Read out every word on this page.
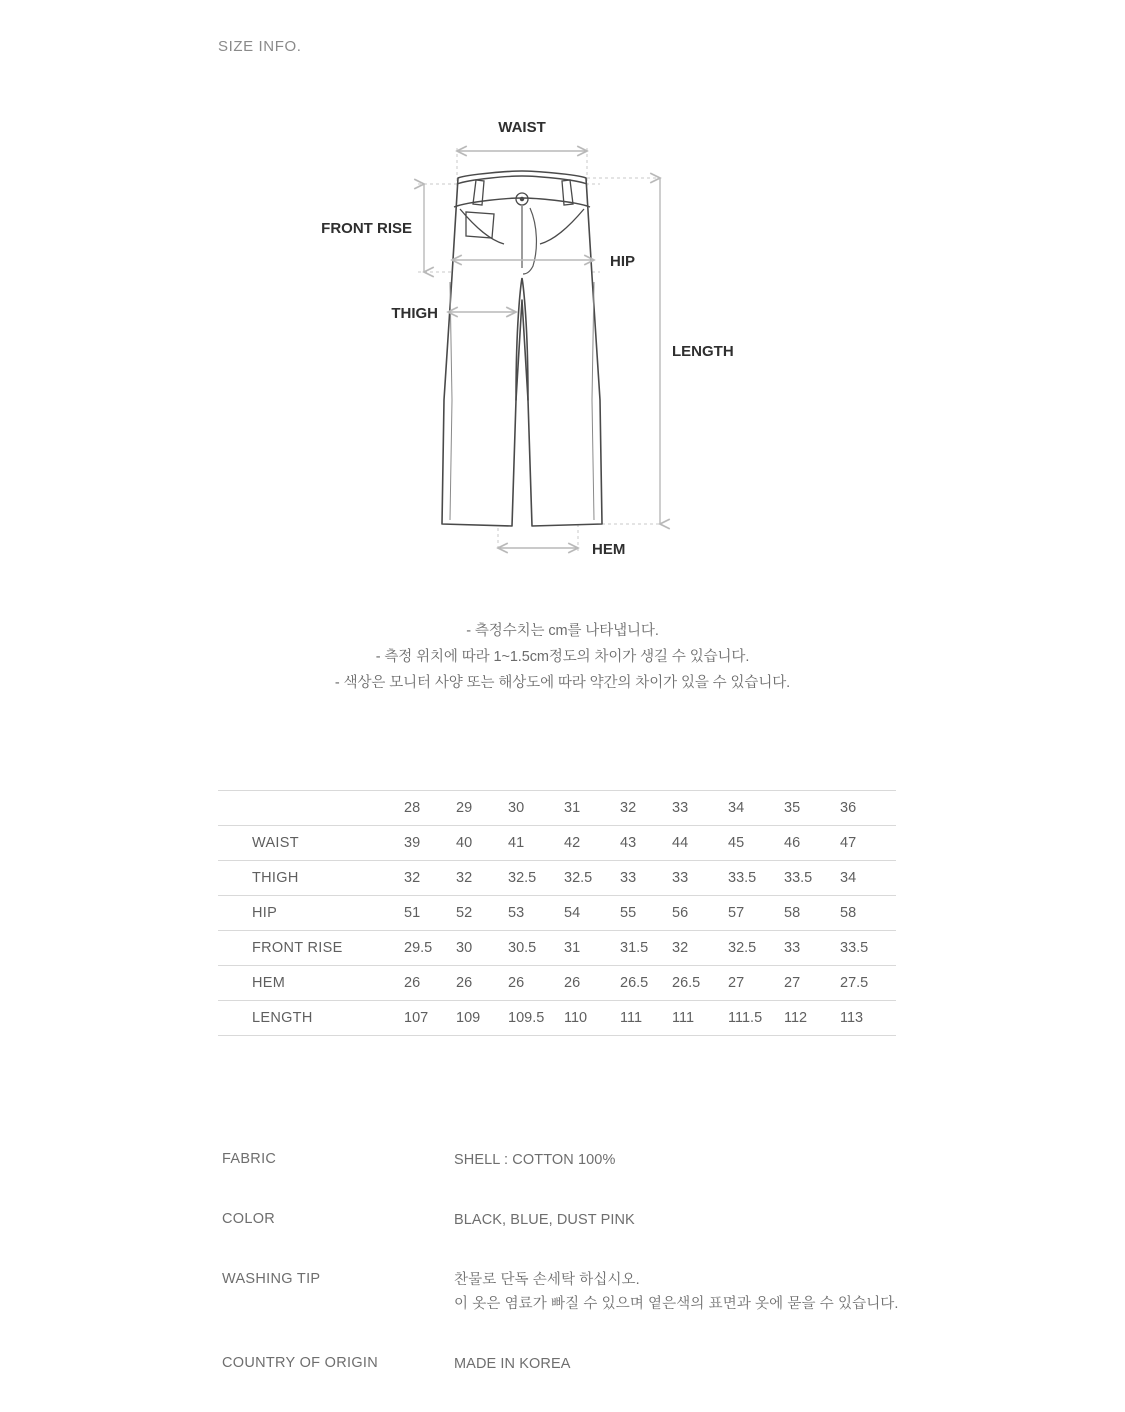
SIZE INFO.
WAIST
FRONT RISE
HIP
THIGH
LENGTH
HEM
- 측정수치는 cm를 나타냅니다.
- 측정 위치에 따라 1~1.5cm정도의 차이가 생길 수 있습니다.
- 색상은 모니터 사양 또는 해상도에 따라 약간의 차이가 있을 수 있습니다.
	28	29	30	31	32	33	34	35	36
WAIST	39	40	41	42	43	44	45	46	47
THIGH	32	32	32.5	32.5	33	33	33.5	33.5	34
HIP	51	52	53	54	55	56	57	58	58
FRONT RISE	29.5	30	30.5	31	31.5	32	32.5	33	33.5
HEM	26	26	26	26	26.5	26.5	27	27	27.5
LENGTH	107	109	109.5	110	111	111	111.5	112	113
FABRIC	SHELL : COTTON 100%
COLOR	BLACK, BLUE, DUST PINK
WASHING TIP	찬물로 단독 손세탁 하십시오.
이 옷은 염료가 빠질 수 있으며 옅은색의 표면과 옷에 묻을 수 있습니다.
COUNTRY OF ORIGIN	MADE IN KOREA
